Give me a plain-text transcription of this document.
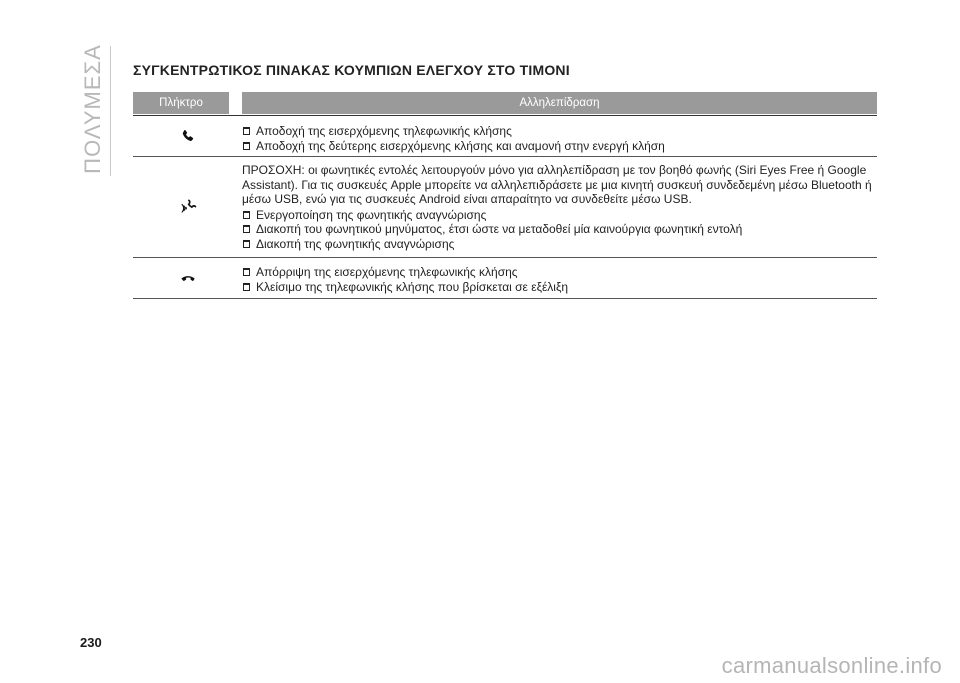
ΠΟΛΥΜΕΣΑ ΣΥΓΚΕΝΤΡΩΤΙΚΟΣ ΠΙΝΑΚΑΣ ΚΟΥΜΠΙΩΝ ΕΛΕΓΧΟΥ ΣΤΟ ΤΙΜΟΝΙ
Πλήκτρο	Αλληλεπίδραση
Αποδοχή της εισερχόμενης τηλεφωνικής κλήσης
Αποδοχή της δεύτερης εισερχόμενης κλήσης και αναμονή στην ενεργή κλήση
ΠΡΟΣΟΧΗ: οι φωνητικές εντολές λειτουργούν μόνο για αλληλεπίδραση με τον βοηθό φωνής (Siri Eyes Free ή Google Assistant). Για τις συσκευές Apple μπορείτε να αλληλεπιδράσετε με μια κινητή συσκευή συνδεδεμένη μέσω Bluetooth ή μέσω USB, ενώ για τις συσκευές Android είναι απαραίτητο να συνδεθείτε μέσω USB.
Ενεργοποίηση της φωνητικής αναγνώρισης
Διακοπή του φωνητικού μηνύματος, έτσι ώστε να μεταδοθεί μία καινούργια φωνητική εντολή
Διακοπή της φωνητικής αναγνώρισης
Απόρριψη της εισερχόμενης τηλεφωνικής κλήσης
Κλείσιμο της τηλεφωνικής κλήσης που βρίσκεται σε εξέλιξη
230
carmanualsonline.info
